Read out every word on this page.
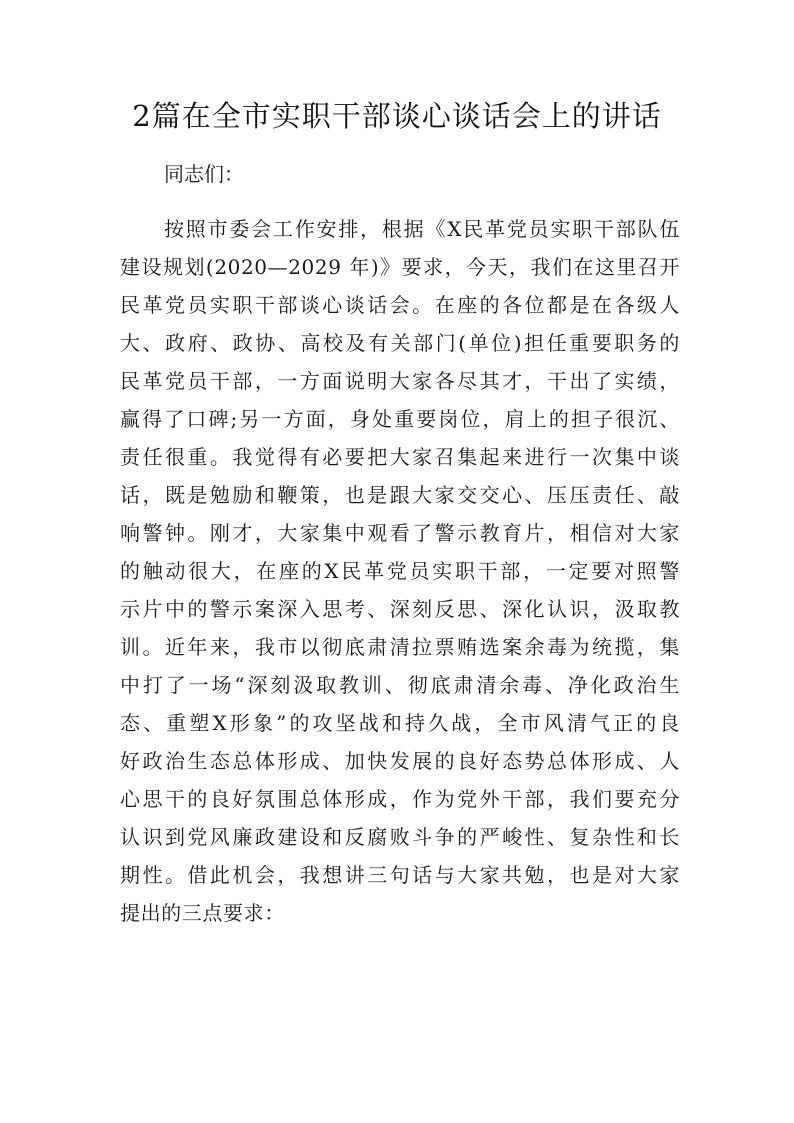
2篇在全市实职干部谈心谈话会上的讲话
同志们：
按照市委会工作安排，根据《X民革党员实职干部队伍
建设规划(2020—2029 年)》要求，今天，我们在这里召开
民革党员实职干部谈心谈话会。在座的各位都是在各级人
大、政府、政协、高校及有关部门(单位)担任重要职务的
民革党员干部，一方面说明大家各尽其才，干出了实绩，
赢得了口碑;另一方面，身处重要岗位，肩上的担子很沉、
责任很重。我觉得有必要把大家召集起来进行一次集中谈
话，既是勉励和鞭策，也是跟大家交交心、压压责任、敲
响警钟。刚才，大家集中观看了警示教育片，相信对大家
的触动很大，在座的X民革党员实职干部，一定要对照警
示片中的警示案深入思考、深刻反思、深化认识，汲取教
训。近年来，我市以彻底肃清拉票贿选案余毒为统揽，集
中打了一场“深刻汲取教训、彻底肃清余毒、净化政治生
态、重塑X形象”的攻坚战和持久战，全市风清气正的良
好政治生态总体形成、加快发展的良好态势总体形成、人
心思干的良好氛围总体形成，作为党外干部，我们要充分
认识到党风廉政建设和反腐败斗争的严峻性、复杂性和长
期性。借此机会，我想讲三句话与大家共勉，也是对大家
提出的三点要求：
